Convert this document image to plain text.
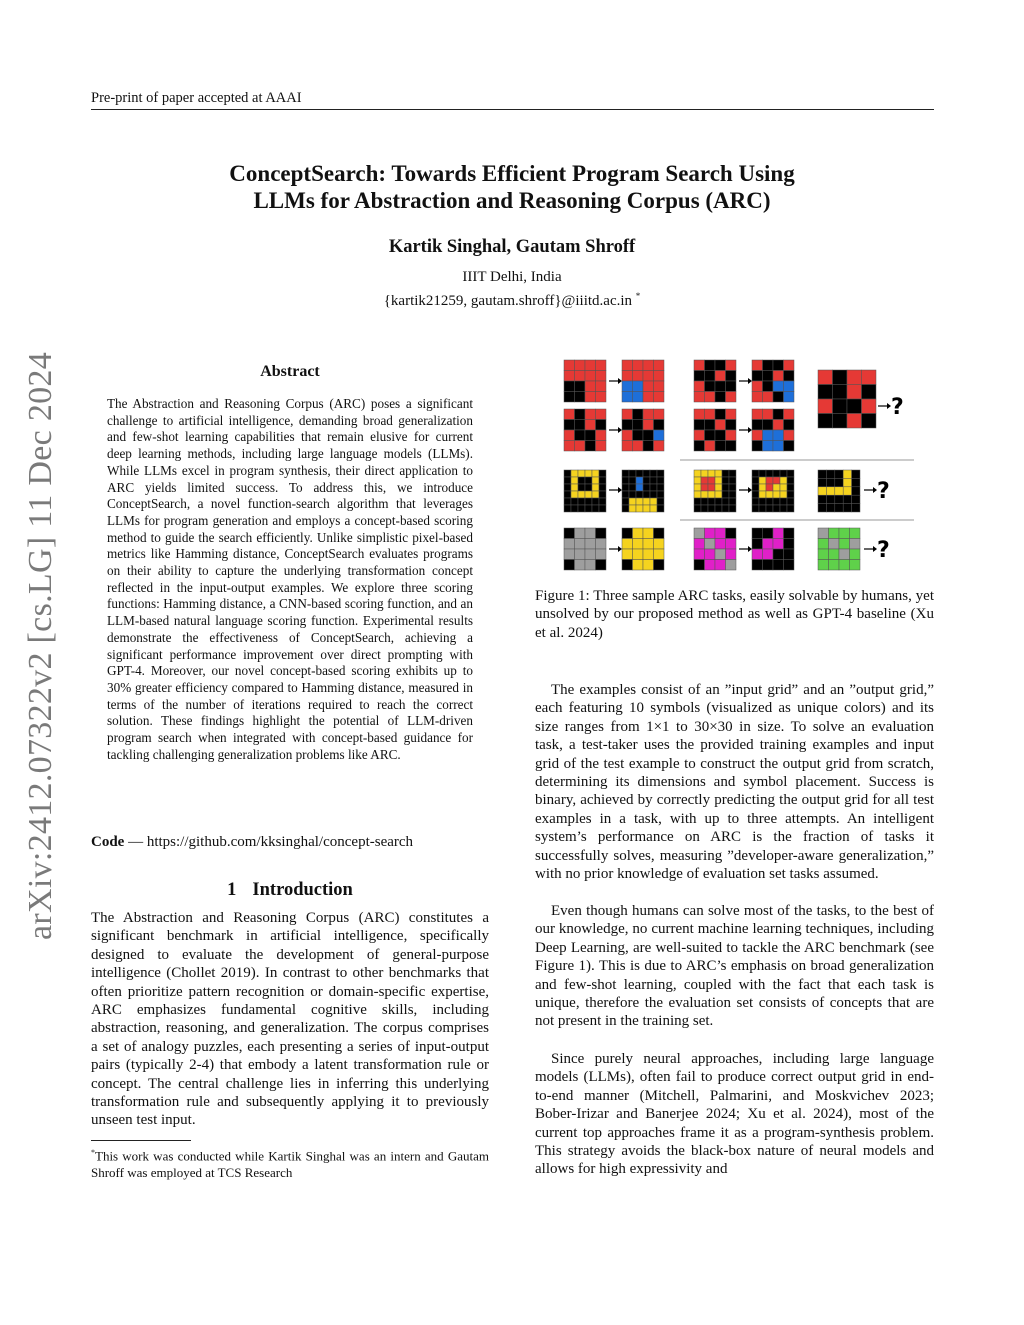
Pre-print of paper accepted at AAAI
arXiv:2412.07322v2 [cs.LG] 11 Dec 2024
ConceptSearch: Towards Efficient Program Search Using
LLMs for Abstraction and Reasoning Corpus (ARC)
Kartik Singhal, Gautam Shroff
IIIT Delhi, India
{kartik21259, gautam.shroff}@iiitd.ac.in *
Abstract

The Abstraction and Reasoning Corpus (ARC) poses a significant challenge to artificial intelligence, demanding broad generalization and few-shot learning capabilities that remain elusive for current deep learning methods, including large language models (LLMs). While LLMs excel in program synthesis, their direct application to ARC yields limited success. To address this, we introduce ConceptSearch, a novel function-search algorithm that leverages LLMs for program generation and employs a concept-based scoring method to guide the search efficiently. Unlike simplistic pixel-based metrics like Hamming distance, ConceptSearch evaluates programs on their ability to capture the underlying transformation concept reflected in the input-output examples. We explore three scoring functions: Hamming distance, a CNN-based scoring function, and an LLM-based natural language scoring function. Experimental results demonstrate the effectiveness of ConceptSearch, achieving a significant performance improvement over direct prompting with GPT-4. Moreover, our novel concept-based scoring exhibits up to 30% greater efficiency compared to Hamming distance, measured in terms of the number of iterations required to reach the correct solution. These findings highlight the potential of LLM-driven program search when integrated with concept-based guidance for tackling challenging generalization problems like ARC.

Code — https://github.com/kksinghal/concept-search
1 Introduction

The Abstraction and Reasoning Corpus (ARC) constitutes a significant benchmark in artificial intelligence, specifically designed to evaluate the development of general-purpose intelligence (Chollet 2019). In contrast to other benchmarks that often prioritize pattern recognition or domain-specific expertise, ARC emphasizes fundamental cognitive skills, including abstraction, reasoning, and generalization. The corpus comprises a set of analogy puzzles, each presenting a series of input-output pairs (typically 2-4) that embody a latent transformation rule or concept. The central challenge lies in inferring this underlying transformation rule and subsequently applying it to previously unseen test input.

*This work was conducted while Kartik Singhal was an intern and Gautam Shroff was employed at TCS Research
?
?
?
Figure 1: Three sample ARC tasks, easily solvable by humans, yet unsolved by our proposed method as well as GPT-4 baseline (Xu et al. 2024)

The examples consist of an ”input grid” and an ”output grid,” each featuring 10 symbols (visualized as unique colors) and its size ranges from 1×1 to 30×30 in size. To solve an evaluation task, a test-taker uses the provided training examples and input grid of the test example to construct the output grid from scratch, determining its dimensions and symbol placement. Success is binary, achieved by correctly predicting the output grid for all test examples in a task, with up to three attempts. An intelligent system’s performance on ARC is the fraction of tasks it successfully solves, measuring ”developer-aware generalization,” with no prior knowledge of evaluation set tasks assumed.

Even though humans can solve most of the tasks, to the best of our knowledge, no current machine learning techniques, including Deep Learning, are well-suited to tackle the ARC benchmark (see Figure 1). This is due to ARC’s emphasis on broad generalization and few-shot learning, coupled with the fact that each task is unique, therefore the evaluation set consists of concepts that are not present in the training set.

Since purely neural approaches, including large language models (LLMs), often fail to produce correct output grid in end-to-end manner (Mitchell, Palmarini, and Moskvichev 2023; Bober-Irizar and Banerjee 2024; Xu et al. 2024), most of the current top approaches frame it as a program-synthesis problem. This strategy avoids the black-box nature of neural models and allows for high expressivity and
